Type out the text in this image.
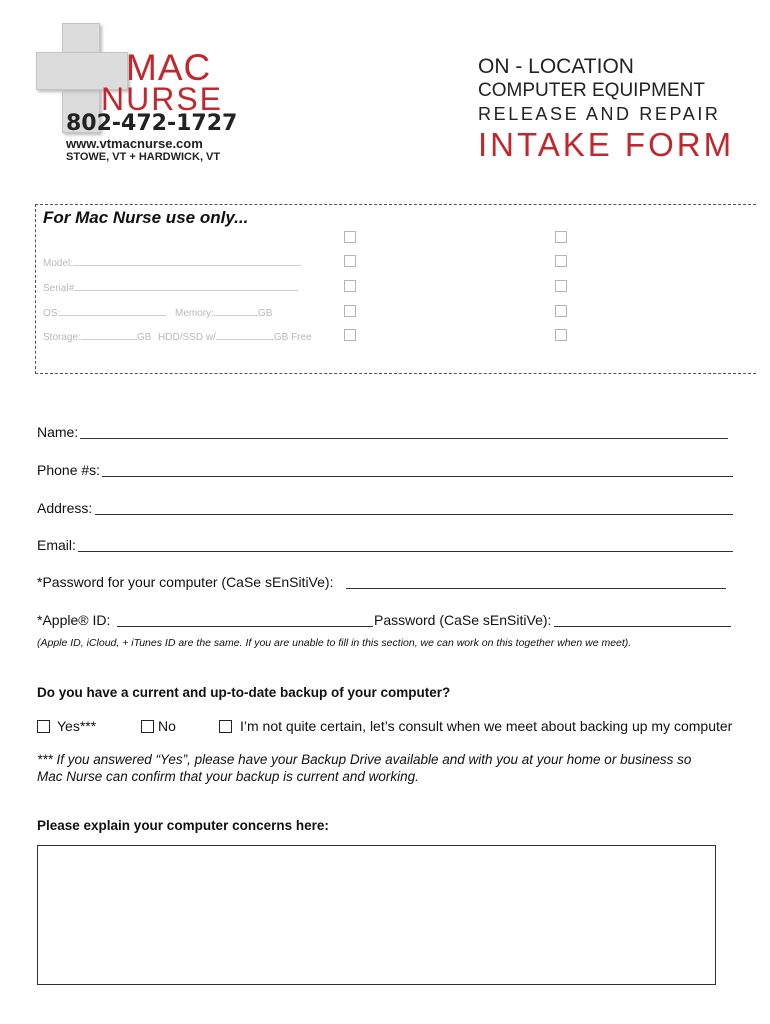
MAC
NURSE
802-472-1727
www.vtmacnurse.com
STOWE, VT + HARDWICK, VT
ON - LOCATION
COMPUTER EQUIPMENT
RELEASE AND REPAIR
INTAKE FORM
For Mac Nurse use only...
Model:
Serial#
OS:	Memory:	GB
Storage:	GB HDD/SSD w/	GB Free
Name:
Phone #s:
Address:
Email:
*Password for your computer (CaSe sEnSitiVe):
*Apple® ID:	Password (CaSe sEnSitiVe):
(Apple ID, iCloud, + iTunes ID are the same. If you are unable to fill in this section, we can work on this together when we meet).
Do you have a current and up-to-date backup of your computer?
Yes***	No	I’m not quite certain, let’s consult when we meet about backing up my computer
*** If you answered “Yes”, please have your Backup Drive available and with you at your home or business so
Mac Nurse can confirm that your backup is current and working.
Please explain your computer concerns here:
